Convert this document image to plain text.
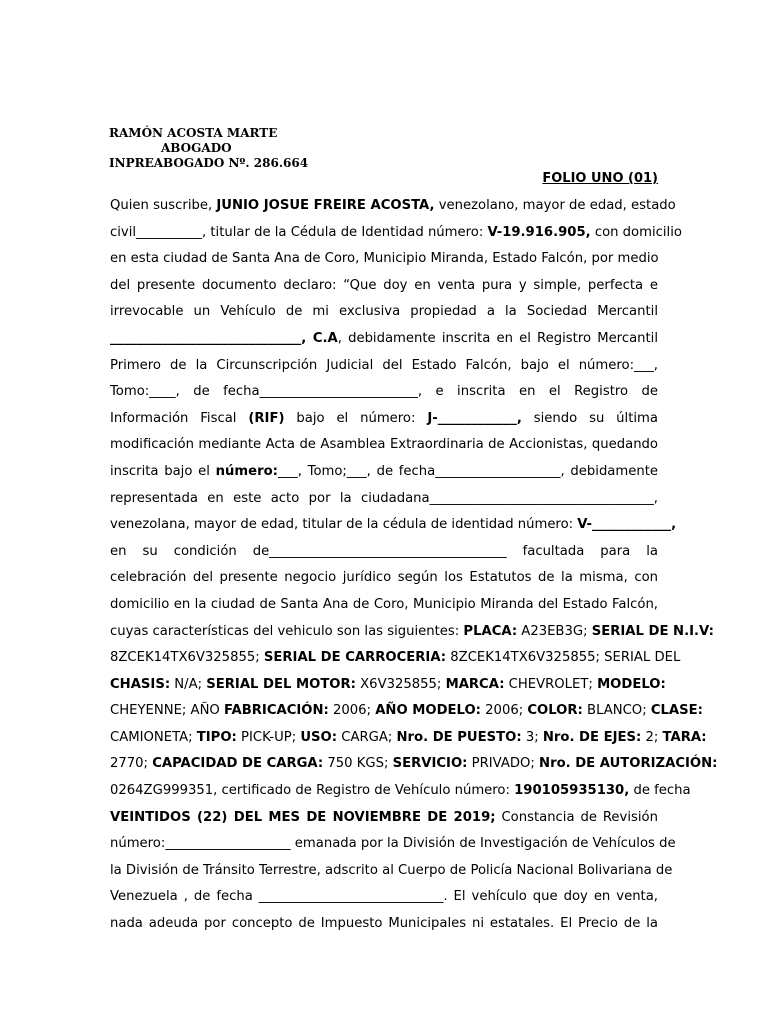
RAMÓN ACOSTA MARTE
ABOGADO
INPREABOGADO Nº. 286.664
FOLIO UNO (01)
Quien suscribe, JUNIO JOSUE FREIRE ACOSTA, venezolano, mayor de edad, estado
civil__________, titular de la Cédula de Identidad número: V-19.916.905, con domicilio
en esta ciudad de Santa Ana de Coro, Municipio Miranda, Estado Falcón, por medio
del presente documento declaro: “Que doy en venta pura y simple, perfecta e
irrevocable un Vehículo de mi exclusiva propiedad a la Sociedad Mercantil
_____________________________, C.A, debidamente inscrita en el Registro Mercantil
Primero de la Circunscripción Judicial del Estado Falcón, bajo el número:___,
Tomo:____, de fecha________________________, e inscrita en el Registro de
Información Fiscal (RIF) bajo el número: J-____________, siendo su última
modificación mediante Acta de Asamblea Extraordinaria de Accionistas, quedando
inscrita bajo el número:___, Tomo;___, de fecha___________________, debidamente
representada en este acto por la ciudadana__________________________________,
venezolana, mayor de edad, titular de la cédula de identidad número: V-____________,
en su condición de____________________________________ facultada para la
celebración del presente negocio jurídico según los Estatutos de la misma, con
domicilio en la ciudad de Santa Ana de Coro, Municipio Miranda del Estado Falcón,
cuyas características del vehiculo son las siguientes: PLACA: A23EB3G; SERIAL DE N.I.V:
8ZCEK14TX6V325855; SERIAL DE CARROCERIA: 8ZCEK14TX6V325855; SERIAL DEL
CHASIS: N/A; SERIAL DEL MOTOR: X6V325855; MARCA: CHEVROLET; MODELO:
CHEYENNE; AÑO FABRICACIÓN: 2006; AÑO MODELO: 2006; COLOR: BLANCO; CLASE:
CAMIONETA; TIPO: PICK-UP; USO: CARGA; Nro. DE PUESTO: 3; Nro. DE EJES: 2; TARA:
2770; CAPACIDAD DE CARGA: 750 KGS; SERVICIO: PRIVADO; Nro. DE AUTORIZACIÓN:
0264ZG999351, certificado de Registro de Vehículo número: 190105935130, de fecha
VEINTIDOS (22) DEL MES DE NOVIEMBRE DE 2019; Constancia de Revisión
número:___________________ emanada por la División de Investigación de Vehículos de
la División de Tránsito Terrestre, adscrito al Cuerpo de Policía Nacional Bolivariana de
Venezuela , de fecha ____________________________. El vehículo que doy en venta,
nada adeuda por concepto de Impuesto Municipales ni estatales. El Precio de la
